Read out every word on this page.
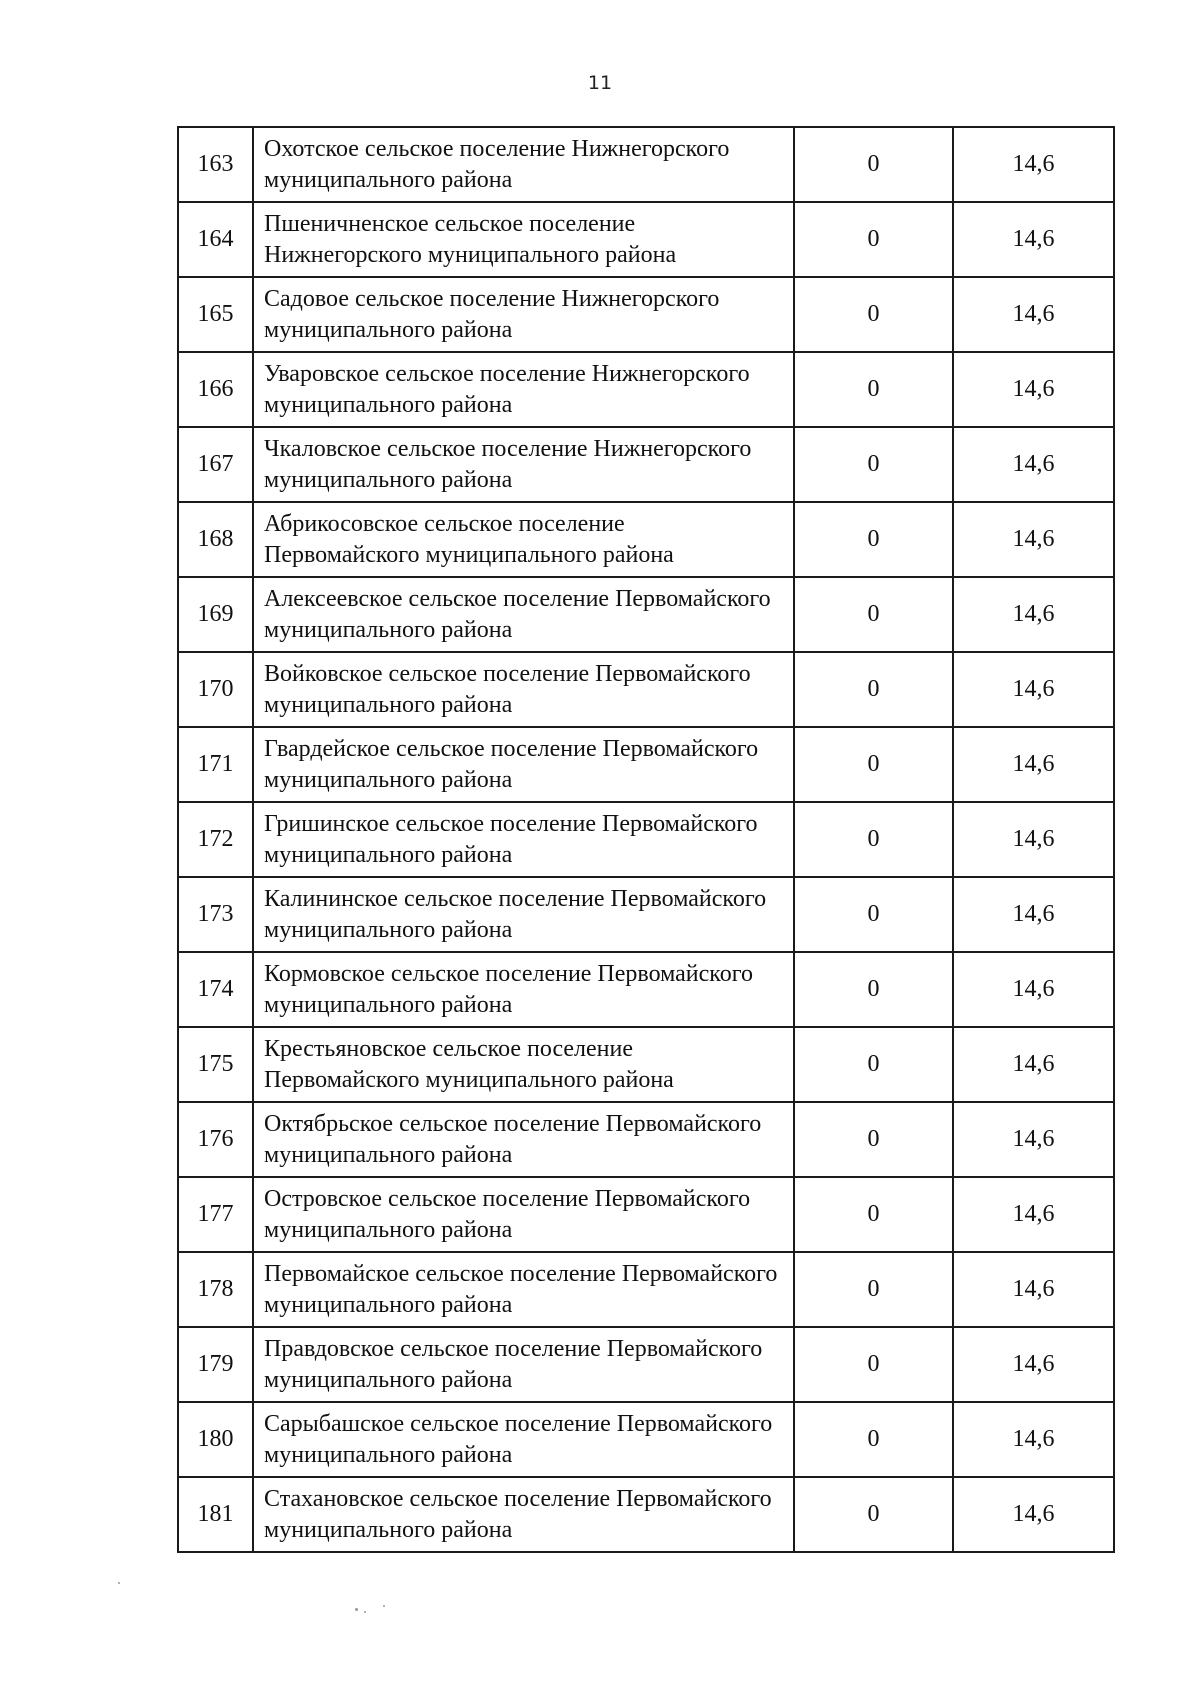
11
163	Охотское сельское поселение Нижнегорского муниципального района	0	14,6
164	Пшеничненское сельское поселение Нижнегорского муниципального района	0	14,6
165	Садовое сельское поселение Нижнегорского муниципального района	0	14,6
166	Уваровское сельское поселение Нижнегорского муниципального района	0	14,6
167	Чкаловское сельское поселение Нижнегорского муниципального района	0	14,6
168	Абрикосовское сельское поселение Первомайского муниципального района	0	14,6
169	Алексеевское сельское поселение Первомайского муниципального района	0	14,6
170	Войковское сельское поселение Первомайского муниципального района	0	14,6
171	Гвардейское сельское поселение Первомайского муниципального района	0	14,6
172	Гришинское сельское поселение Первомайского муниципального района	0	14,6
173	Калининское сельское поселение Первомайского муниципального района	0	14,6
174	Кормовское сельское поселение Первомайского муниципального района	0	14,6
175	Крестьяновское сельское поселение Первомайского муниципального района	0	14,6
176	Октябрьское сельское поселение Первомайского муниципального района	0	14,6
177	Островское сельское поселение Первомайского муниципального района	0	14,6
178	Первомайское сельское поселение Первомайского муниципального района	0	14,6
179	Правдовское сельское поселение Первомайского муниципального района	0	14,6
180	Сарыбашское сельское поселение Первомайского муниципального района	0	14,6
181	Стахановское сельское поселение Первомайского муниципального района	0	14,6
